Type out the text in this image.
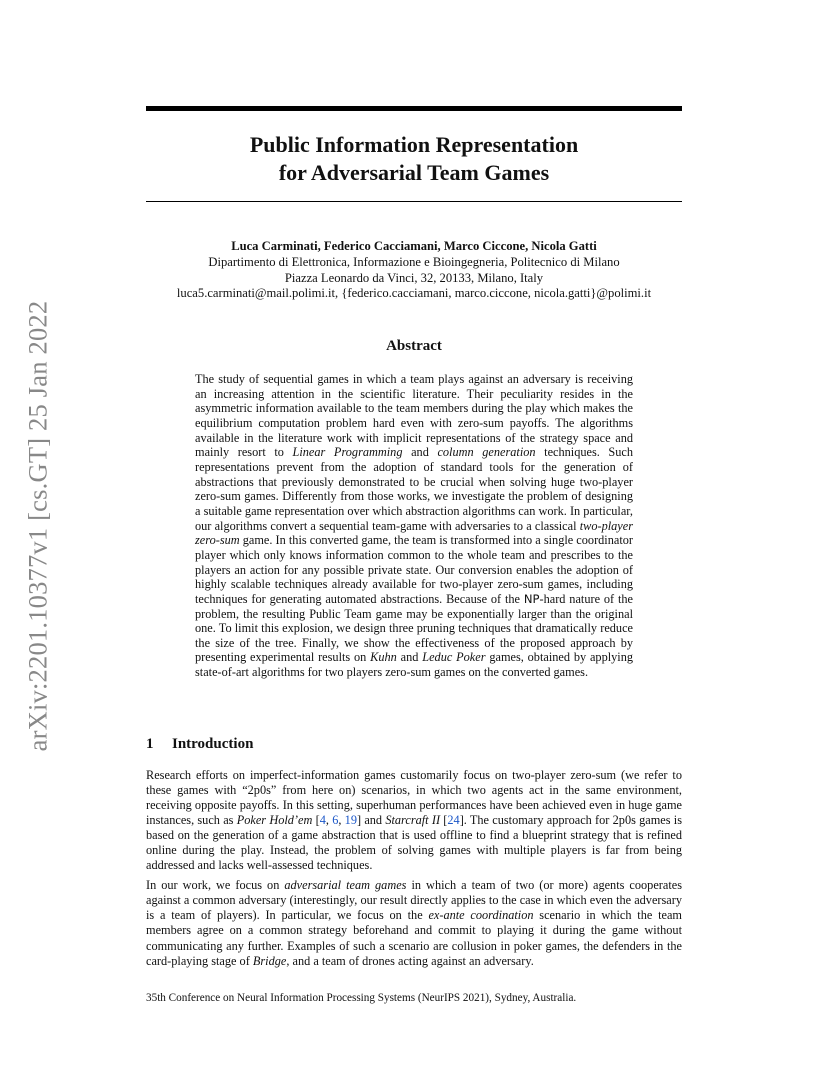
Public Information Representation
for Adversarial Team Games
Luca Carminati, Federico Cacciamani, Marco Ciccone, Nicola Gatti
Dipartimento di Elettronica, Informazione e Bioingegneria, Politecnico di Milano
Piazza Leonardo da Vinci, 32, 20133, Milano, Italy
luca5.carminati@mail.polimi.it, {federico.cacciamani, marco.ciccone, nicola.gatti}@polimi.it
arXiv:2201.10377v1 [cs.GT] 25 Jan 2022	Abstract

The study of sequential games in which a team plays against an adversary is receiving an increasing attention in the scientific literature. Their peculiarity resides in the asymmetric information available to the team members during the play which makes the equilibrium computation problem hard even with zero-sum payoffs. The algorithms available in the literature work with implicit representations of the strategy space and mainly resort to Linear Programming and column generation techniques. Such representations prevent from the adoption of standard tools for the generation of abstractions that previously demonstrated to be crucial when solving huge two-player zero-sum games. Differently from those works, we investigate the problem of designing a suitable game representation over which abstraction algorithms can work. In particular, our algorithms convert a sequential team-game with adversaries to a classical two-player zero-sum game. In this converted game, the team is transformed into a single coordinator player which only knows information common to the whole team and prescribes to the players an action for any possible private state. Our conversion enables the adoption of highly scalable techniques already available for two-player zero-sum games, including techniques for generating automated abstractions. Because of the NP-hard nature of the problem, the resulting Public Team game may be exponentially larger than the original one. To limit this explosion, we design three pruning techniques that dramatically reduce the size of the tree. Finally, we show the effectiveness of the proposed approach by presenting experimental results on Kuhn and Leduc Poker games, obtained by applying state-of-art algorithms for two players zero-sum games on the converted games.

1 Introduction

Research efforts on imperfect-information games customarily focus on two-player zero-sum (we refer to these games with “2p0s” from here on) scenarios, in which two agents act in the same environment, receiving opposite payoffs. In this setting, superhuman performances have been achieved even in huge game instances, such as Poker Hold’em [4, 6, 19] and Starcraft II [24]. The customary approach for 2p0s games is based on the generation of a game abstraction that is used offline to find a blueprint strategy that is refined online during the play. Instead, the problem of solving games with multiple players is far from being addressed and lacks well-assessed techniques.

In our work, we focus on adversarial team games in which a team of two (or more) agents cooperates against a common adversary (interestingly, our result directly applies to the case in which even the adversary is a team of players). In particular, we focus on the ex-ante coordination scenario in which the team members agree on a common strategy beforehand and commit to playing it during the game without communicating any further. Examples of such a scenario are collusion in poker games, the defenders in the card-playing stage of Bridge, and a team of drones acting against an adversary.

35th Conference on Neural Information Processing Systems (NeurIPS 2021), Sydney, Australia.
